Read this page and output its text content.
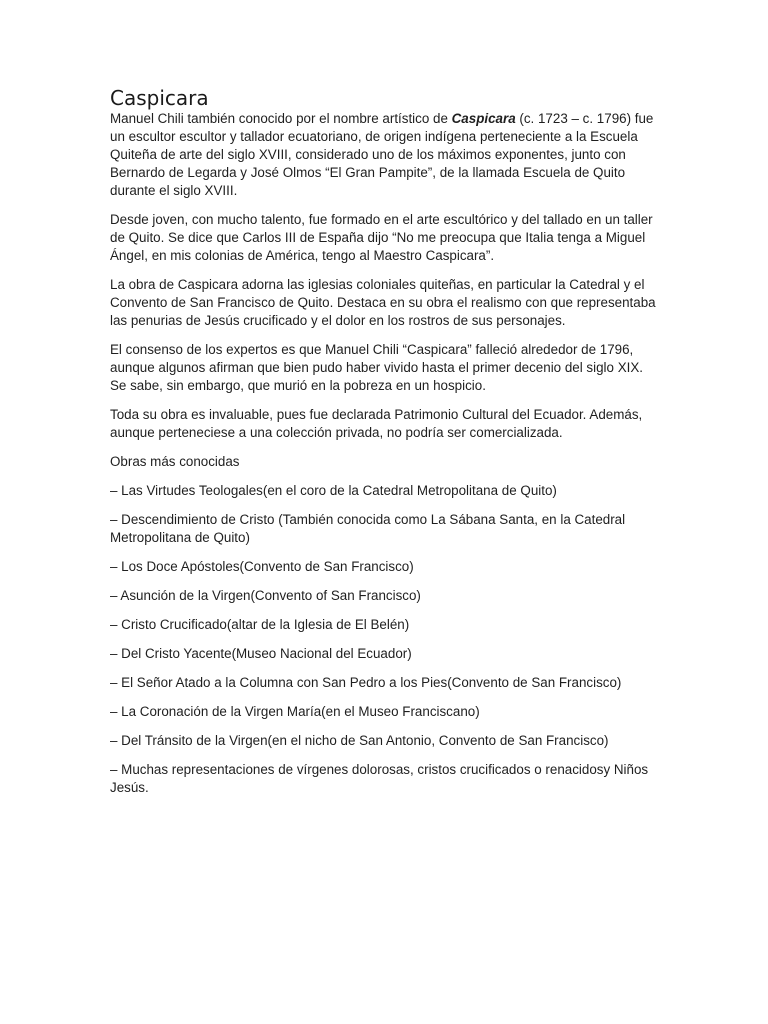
Caspicara

Manuel Chili también conocido por el nombre artístico de Caspicara (c. 1723 – c. 1796) fue un escultor escultor y tallador ecuatoriano, de origen indígena perteneciente a la Escuela Quiteña de arte del siglo XVIII, considerado uno de los máximos exponentes, junto con Bernardo de Legarda y José Olmos “El Gran Pampite”, de la llamada Escuela de Quito durante el siglo XVIII.

Desde joven, con mucho talento, fue formado en el arte escultórico y del tallado en un taller de Quito. Se dice que Carlos III de España dijo “No me preocupa que Italia tenga a Miguel Ángel, en mis colonias de América, tengo al Maestro Caspicara”.

La obra de Caspicara adorna las iglesias coloniales quiteñas, en particular la Catedral y el Convento de San Francisco de Quito. Destaca en su obra el realismo con que representaba las penurias de Jesús crucificado y el dolor en los rostros de sus personajes.

El consenso de los expertos es que Manuel Chili “Caspicara” falleció alrededor de 1796, aunque algunos afirman que bien pudo haber vivido hasta el primer decenio del siglo XIX. Se sabe, sin embargo, que murió en la pobreza en un hospicio.

Toda su obra es invaluable, pues fue declarada Patrimonio Cultural del Ecuador. Además, aunque perteneciese a una colección privada, no podría ser comercializada.

Obras más conocidas

– Las Virtudes Teologales(en el coro de la Catedral Metropolitana de Quito)

– Descendimiento de Cristo (También conocida como La Sábana Santa, en la Catedral Metropolitana de Quito)

– Los Doce Apóstoles(Convento de San Francisco)

– Asunción de la Virgen(Convento of San Francisco)

– Cristo Crucificado(altar de la Iglesia de El Belén)

– Del Cristo Yacente(Museo Nacional del Ecuador)

– El Señor Atado a la Columna con San Pedro a los Pies(Convento de San Francisco)

– La Coronación de la Virgen María(en el Museo Franciscano)

– Del Tránsito de la Virgen(en el nicho de San Antonio, Convento de San Francisco)

– Muchas representaciones de vírgenes dolorosas, cristos crucificados o renacidosy Niños Jesús.
